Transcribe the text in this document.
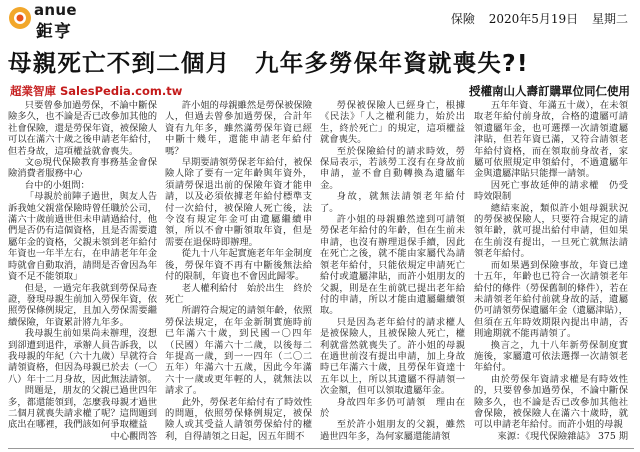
anue
鉅亨
保險 2020年5月19日 星期二
母親死亡不到二個月　九年多勞保年資就喪失?!
超業智庫 SalesPedia.com.tw	授權南山人壽訂購單位同仁使用

只要曾參加過勞保，不論中斷保險多久，也不論是否已改參加其他的社會保險，還是勞保年資，被保險人可以在滿六十歲之後申請老年給付，但若身故，這項權益就會喪失。

文◎現代保險教育事務基金會保險消費者服務中心

台中的小姐問：

「母親於前陣子過世，與友人告訴我她父親當保險時曾任職於公司，滿六十歲前過世但未申請過給付，他們是否仍有這個資格，且是否需要遺屬年金的資格，父親未領到老年給付年資也一年半左右，在申請老年年金時就會自動取消，請問是否會因為年資不足不能領取」

但是，一過完年我就到勞保局查證，發現母親生前加入勞保年資，依照勞保條例規定，且加入勞保需要繼續保險，年資累計將九年多。

我母親生前如果尚未辦理，沒想到卻遭到退件，承辦人員告訴我，以我母親的年紀（六十九歲）早就符合請領資格，但因為母親已於去（一〇八）年十二月身故，因此無法請領。

問題是，朋友的父親已過世四年多，都還能領到，怎麼我母親才過世二個月就喪失請求權了呢？這問題到底出在哪裡，我們該如何爭取權益

中心觀問答

許小姐的母親雖然是勞保被保險人，但過去曾參加過勞保，合計年資有九年多，雖然滿勞保年資已經中斷十幾年，還能申請老年給付嗎？

早期要請領勞保老年給付，被保險人除了要有一定年齡與年資外，須請勞保退出前的保險年資才能申請，以及必須依據老年給付標準支付一次給付，被保險人死亡後，法令沒有規定年金可由遺屬繼續申領，所以不會中斷領取年資，但是需要在退保時即辦理。

從九十八年起實施老年年金制度後，勞保年資不再有中斷後無法給付的限制，年資也不會因此歸零。

老人權利給付　始於出生　終於死亡

所謂符合規定的請領年齡，依照勞保法規定，在年金新制實施時前已年滿六十歲，到民國一〇四年（民國）年滿六十二歲，以後每二年提高一歲，到一一四年（二〇二五年）年滿六十五歲，因此今年滿六十一歲或更年輕的人，就無法以請求了。

此外，勞保老年給付有了時效性的問題，依照勞保條例規定，被保險人或其受益人請領勞保給付的權利，自得請領之日起，因五年間不

勞保被保險人已經身亡，根據《民法》「人之權利能力，始於出生，終於死亡」的規定，這項權益就會喪失。

至於保險給付的請求時效，勞保局表示，若該勞工沒有在身故前申請，並不會自動轉換為遺屬年金。

身故，就無法請領老年給付了。

許小姐的母親雖然達到可請領勞保老年給付的年齡，但在生前未申請，也沒有辦理退保手續，因此在死亡之後，就不能由家屬代為請領老年給付，只能依規定申請死亡給付或遺屬津貼，而許小姐朋友的父親，則是在生前就已提出老年給付的申請，所以才能由遺屬繼續領取。

只是因為老年給付的請求權人是被保險人，且被保險人死亡，權利就當然就喪失了。許小姐的母親在過世前沒有提出申請，加上身故時已年滿六十歲，且勞保年資達十五年以上，所以其遺屬不得請領一次金額，但可以領取遺屬年金。

身故四年多仍可請領　理由在於

至於許小姐朋友的父親，雖然過世四年多，為何家屬還能請領

五年年資、年滿五十歲），在未領取老年給付前身故，合格的遺屬可請領遺屬年金，也可選擇一次請領遺屬津貼，但若年資已滿，又符合請領老年給付資格，而在領取前身故者，家屬可依照規定申領給付，不過遺屬年金與遺屬津貼只能擇一請領。

因死亡事故延伸的請求權　仍受時效限制

總結來說，類似許小姐母親狀況的勞保被保險人，只要符合規定的請領年齡，就可提出給付申請，但如果在生前沒有提出，一旦死亡就無法請領老年給付。

而如果遇到保險事故，年資已達十五年，年齡也已符合一次請領老年給付的條件（勞保舊制的條件），若在未請領老年給付前就身故的話，遺屬仍可請領勞保遺屬年金（遺屬津貼），但須在五年時效期限內提出申請，否則逾期就不能再請領了。

換言之，九十八年新勞保制度實施後，家屬遺可依法選擇一次請領老年給付。

由於勞保年資請求權是有時效性的，只要曾參加過勞保，不論中斷保險多久，也不論是否已改參加其他社會保險，被保險人在滿六十歲時，就可以申請老年給付。而許小姐的母親

來源：《現代保險雜誌》 375 期
